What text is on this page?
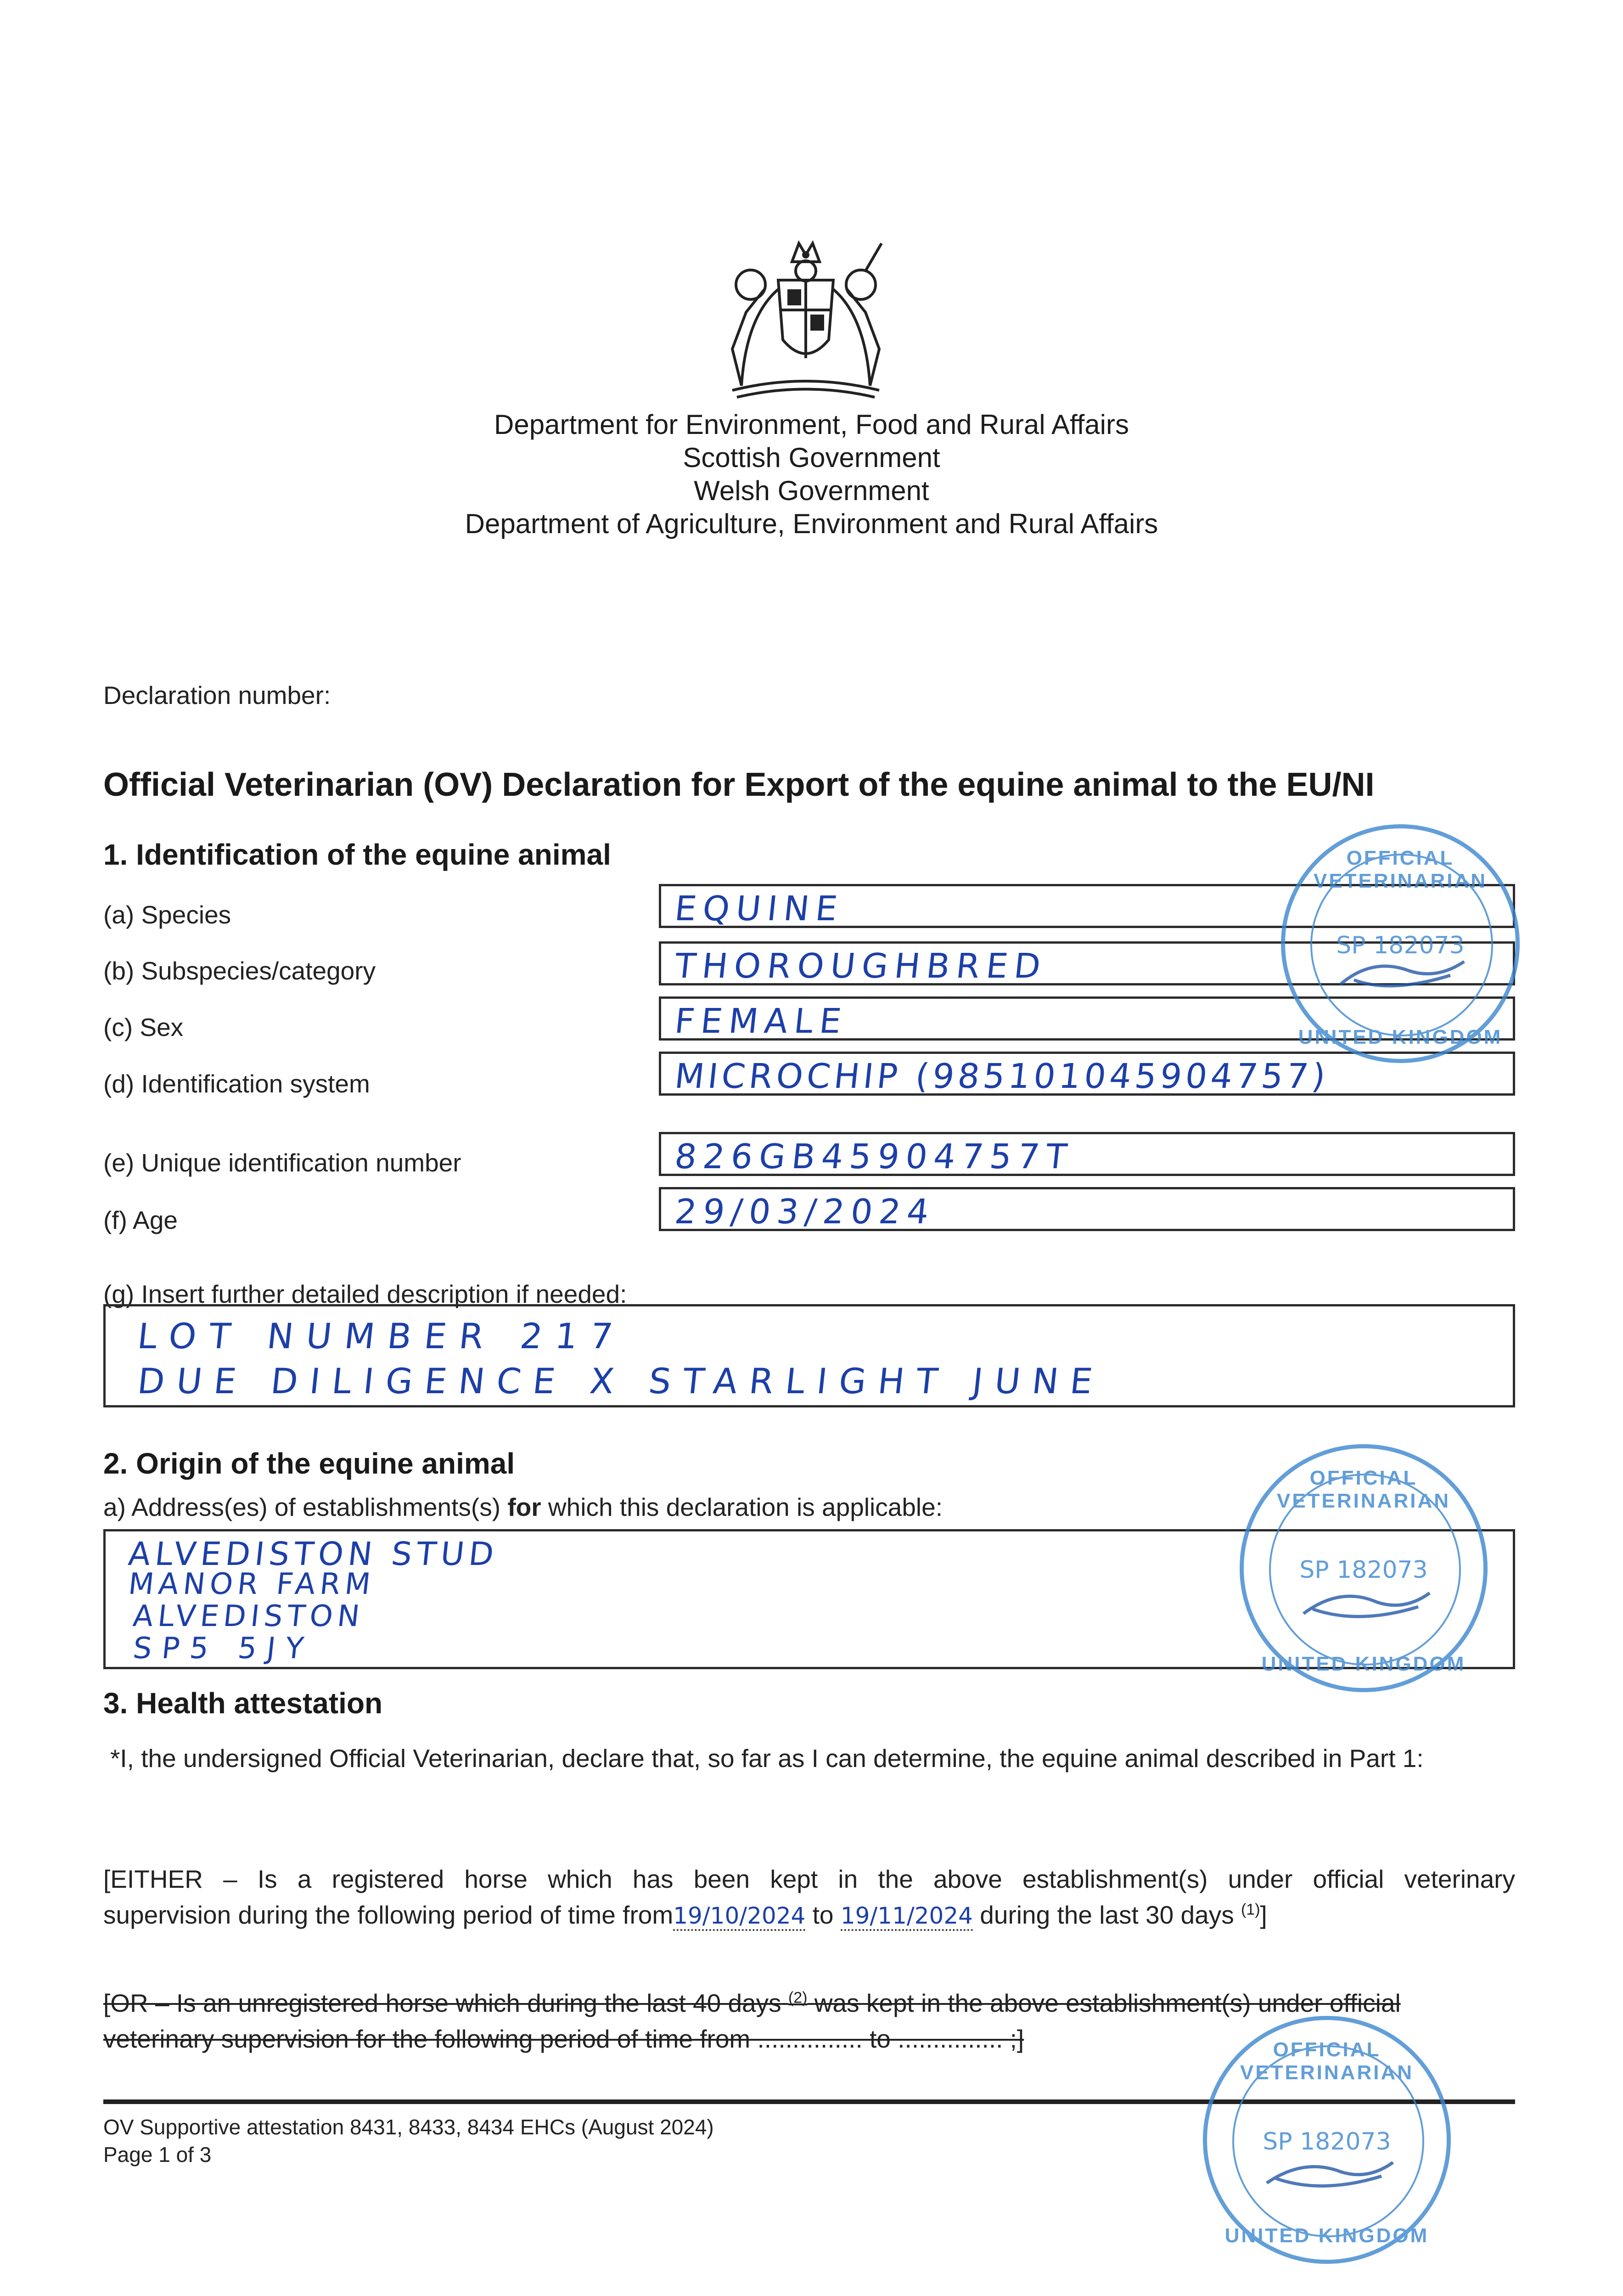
Department for Environment, Food and Rural Affairs
Scottish Government
Welsh Government
Department of Agriculture, Environment and Rural Affairs
Declaration number:
Official Veterinarian (OV) Declaration for Export of the equine animal to the EU/NI
1. Identification of the equine animal
(a) Species	EQUINE
(b) Subspecies/category	THOROUGHBRED
(c) Sex	FEMALE
(d) Identification system	MICROCHIP (985101045904757)
(e) Unique identification number	826GB45904757T
(f) Age	29/03/2024
(g) Insert further detailed description if needed:
LOT NUMBER 217
DUE DILIGENCE X STARLIGHT JUNE
2. Origin of the equine animal
a) Address(es) of establishments(s) for which this declaration is applicable:
ALVEDISTON STUD
MANOR FARM
ALVEDISTON
SP5 5JY
3. Health attestation
*I, the undersigned Official Veterinarian, declare that, so far as I can determine, the equine animal described in Part 1:
[EITHER – Is a registered horse which has been kept in the above establishment(s) under official veterinary
supervision during the following period of time from19/10/2024 to 19/11/2024 during the last 30 days $^{(1)}$]
[OR – Is an unregistered horse which during the last 40 days $^{(2)}$ was kept in the above establishment(s) under official
veterinary supervision for the following period of time from ............... to ............... ;]
OV Supportive attestation 8431, 8433, 8434 EHCs (August 2024)
Page 1 of 3
OFFICIAL VETERINARIAN
SP 182073
UNITED KINGDOM
OFFICIAL VETERINARIAN
SP 182073
UNITED KINGDOM
OFFICIAL VETERINARIAN
SP 182073
UNITED KINGDOM
